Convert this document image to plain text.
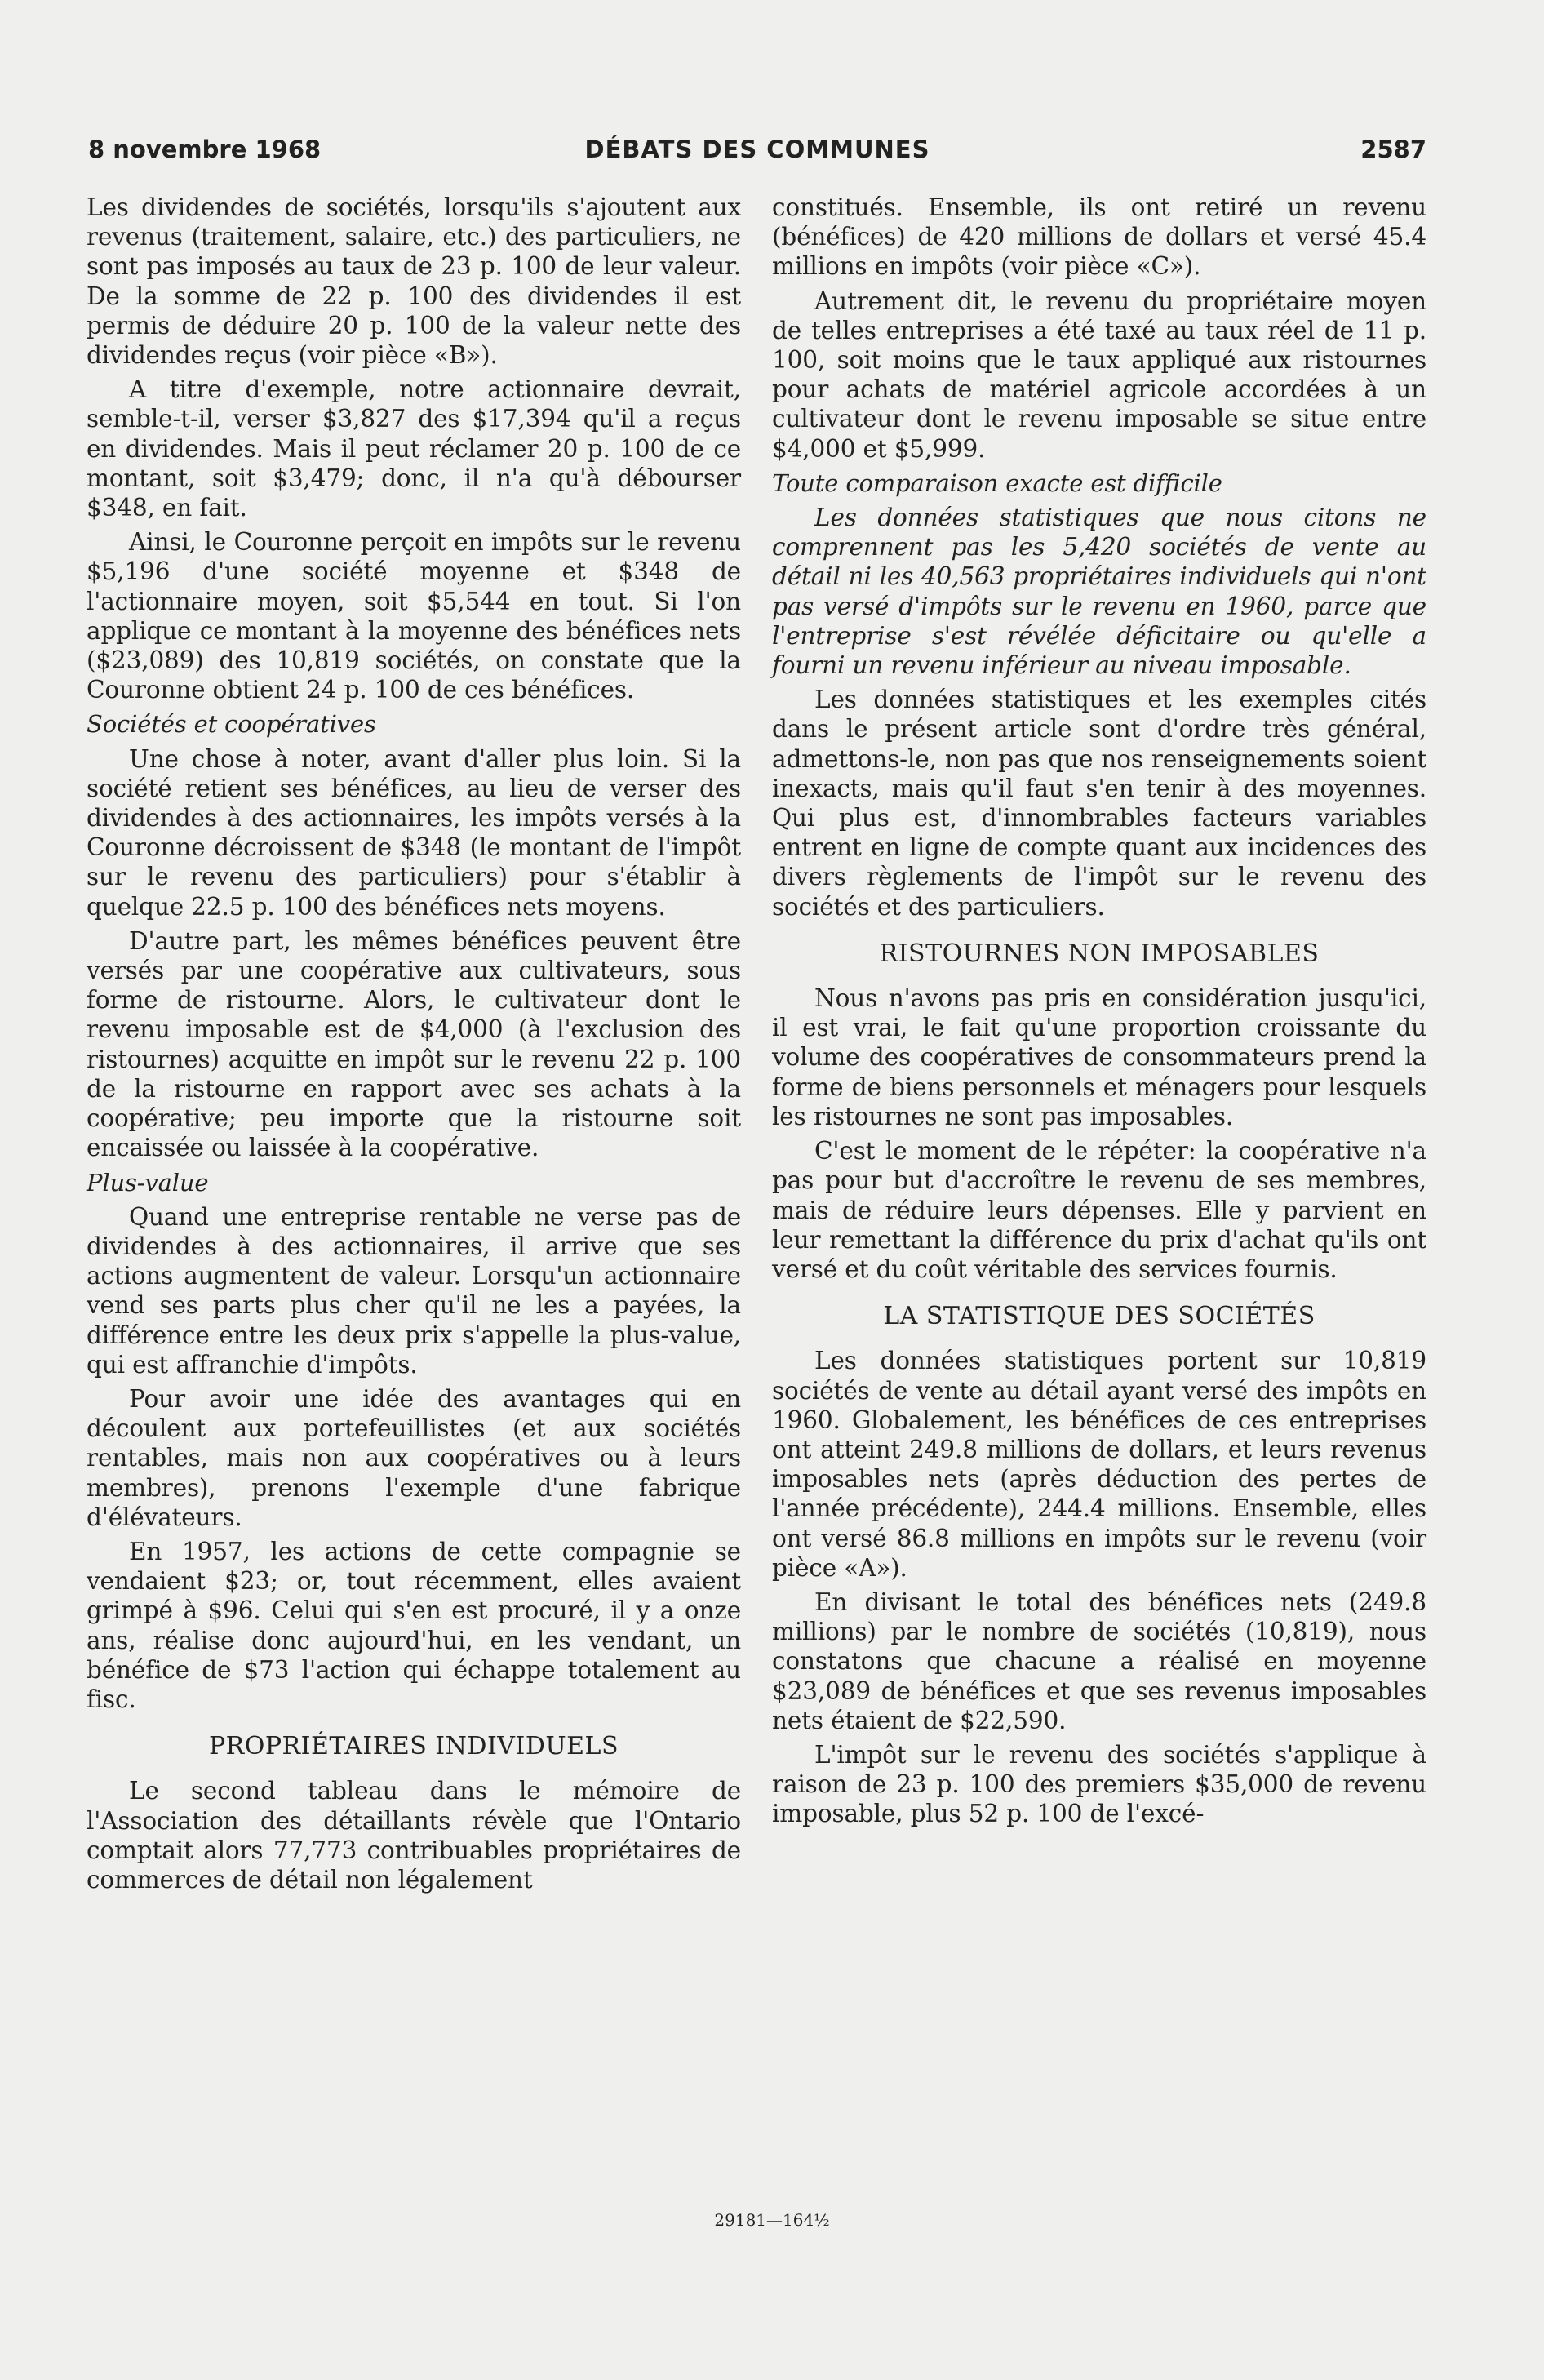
8 novembre 1968	DÉBATS DES COMMUNES	2587

Les dividendes de sociétés, lorsqu'ils s'ajoutent aux revenus (traitement, salaire, etc.) des particuliers, ne sont pas imposés au taux de 23 p. 100 de leur valeur. De la somme de 22 p. 100 des dividendes il est permis de déduire 20 p. 100 de la valeur nette des dividendes reçus (voir pièce «B»).

A titre d'exemple, notre actionnaire devrait, semble-t-il, verser $3,827 des $17,394 qu'il a reçus en dividendes. Mais il peut réclamer 20 p. 100 de ce montant, soit $3,479; donc, il n'a qu'à débourser $348, en fait.

Ainsi, le Couronne perçoit en impôts sur le revenu $5,196 d'une société moyenne et $348 de l'actionnaire moyen, soit $5,544 en tout. Si l'on applique ce montant à la moyenne des bénéfices nets ($23,089) des 10,819 sociétés, on constate que la Couronne obtient 24 p. 100 de ces bénéfices.

Sociétés et coopératives

Une chose à noter, avant d'aller plus loin. Si la société retient ses bénéfices, au lieu de verser des dividendes à des actionnaires, les impôts versés à la Couronne décroissent de $348 (le montant de l'impôt sur le revenu des particuliers) pour s'établir à quelque 22.5 p. 100 des bénéfices nets moyens.

D'autre part, les mêmes bénéfices peuvent être versés par une coopérative aux cultivateurs, sous forme de ristourne. Alors, le cultivateur dont le revenu imposable est de $4,000 (à l'exclusion des ristournes) acquitte en impôt sur le revenu 22 p. 100 de la ristourne en rapport avec ses achats à la coopérative; peu importe que la ristourne soit encaissée ou laissée à la coopérative.

Plus-value

Quand une entreprise rentable ne verse pas de dividendes à des actionnaires, il arrive que ses actions augmentent de valeur. Lorsqu'un actionnaire vend ses parts plus cher qu'il ne les a payées, la différence entre les deux prix s'appelle la plus-value, qui est affranchie d'impôts.

Pour avoir une idée des avantages qui en découlent aux portefeuillistes (et aux sociétés rentables, mais non aux coopératives ou à leurs membres), prenons l'exemple d'une fabrique d'élévateurs.

En 1957, les actions de cette compagnie se vendaient $23; or, tout récemment, elles avaient grimpé à $96. Celui qui s'en est procuré, il y a onze ans, réalise donc aujourd'hui, en les vendant, un bénéfice de $73 l'action qui échappe totalement au fisc.

PROPRIÉTAIRES INDIVIDUELS

Le second tableau dans le mémoire de l'Association des détaillants révèle que l'Ontario comptait alors 77,773 contribuables propriétaires de commerces de détail non légalement

constitués. Ensemble, ils ont retiré un revenu (bénéfices) de 420 millions de dollars et versé 45.4 millions en impôts (voir pièce «C»).

Autrement dit, le revenu du propriétaire moyen de telles entreprises a été taxé au taux réel de 11 p. 100, soit moins que le taux appliqué aux ristournes pour achats de matériel agricole accordées à un cultivateur dont le revenu imposable se situe entre $4,000 et $5,999.

Toute comparaison exacte est difficile

Les données statistiques que nous citons ne comprennent pas les 5,420 sociétés de vente au détail ni les 40,563 propriétaires individuels qui n'ont pas versé d'impôts sur le revenu en 1960, parce que l'entreprise s'est révélée déficitaire ou qu'elle a fourni un revenu inférieur au niveau imposable.

Les données statistiques et les exemples cités dans le présent article sont d'ordre très général, admettons-le, non pas que nos renseignements soient inexacts, mais qu'il faut s'en tenir à des moyennes. Qui plus est, d'innombrables facteurs variables entrent en ligne de compte quant aux incidences des divers règlements de l'impôt sur le revenu des sociétés et des particuliers.

RISTOURNES NON IMPOSABLES

Nous n'avons pas pris en considération jusqu'ici, il est vrai, le fait qu'une proportion croissante du volume des coopératives de consommateurs prend la forme de biens personnels et ménagers pour lesquels les ristournes ne sont pas imposables.

C'est le moment de le répéter: la coopérative n'a pas pour but d'accroître le revenu de ses membres, mais de réduire leurs dépenses. Elle y parvient en leur remettant la différence du prix d'achat qu'ils ont versé et du coût véritable des services fournis.

LA STATISTIQUE DES SOCIÉTÉS

Les données statistiques portent sur 10,819 sociétés de vente au détail ayant versé des impôts en 1960. Globalement, les bénéfices de ces entreprises ont atteint 249.8 millions de dollars, et leurs revenus imposables nets (après déduction des pertes de l'année précédente), 244.4 millions. Ensemble, elles ont versé 86.8 millions en impôts sur le revenu (voir pièce «A»).

En divisant le total des bénéfices nets (249.8 millions) par le nombre de sociétés (10,819), nous constatons que chacune a réalisé en moyenne $23,089 de bénéfices et que ses revenus imposables nets étaient de $22,590.

L'impôt sur le revenu des sociétés s'applique à raison de 23 p. 100 des premiers $35,000 de revenu imposable, plus 52 p. 100 de l'excé-

29181—164½
